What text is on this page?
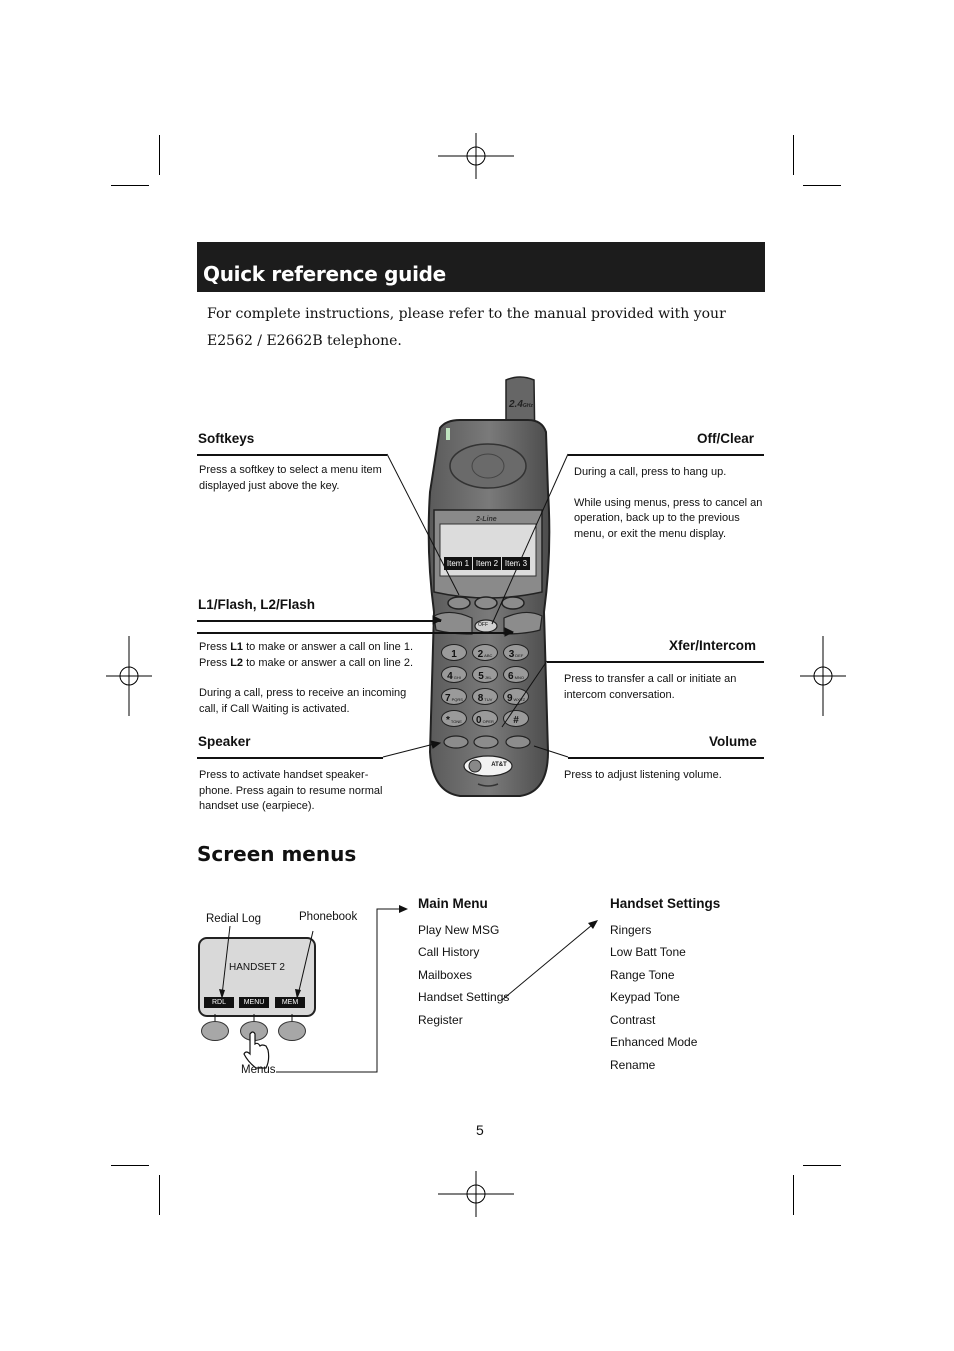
Quick reference guide
For complete instructions, please refer to the manual provided with your
E2562 / E2662B telephone.
2.4GHz
2-Line
Item 1 Item 2 Item 3
OFF
AT&T
1	2ABC	3DEF
4GHI	5JKL	6MNO
7PQRS	8TUV	9WXYZ
*TONE	0OPER	#
Softkeys

Press a softkey to select a menu item

displayed just above the key.

Off/Clear

During a call, press to hang up.

While using menus, press to cancel an

operation, back up to the previous

menu, or exit the menu display.

L1/Flash, L2/Flash

Press L1 to make or answer a call on line 1.

Press L2 to make or answer a call on line 2.

During a call, press to receive an incoming

call, if Call Waiting is activated.

Xfer/Intercom

Press to transfer a call or initiate an

intercom conversation.

Speaker

Press to activate handset speaker-

phone. Press again to resume normal

handset use (earpiece).

Volume
Press to adjust listening volume.
Screen menus
Redial Log	Phonebook
HANDSET 2
RDL	MENU	MEM
Menus
Main Menu
Play New MSG
Call History
Mailboxes
Handset Settings
Register
Handset Settings
Ringers
Low Batt Tone
Range Tone
Keypad Tone
Contrast
Enhanced Mode
Rename
5
